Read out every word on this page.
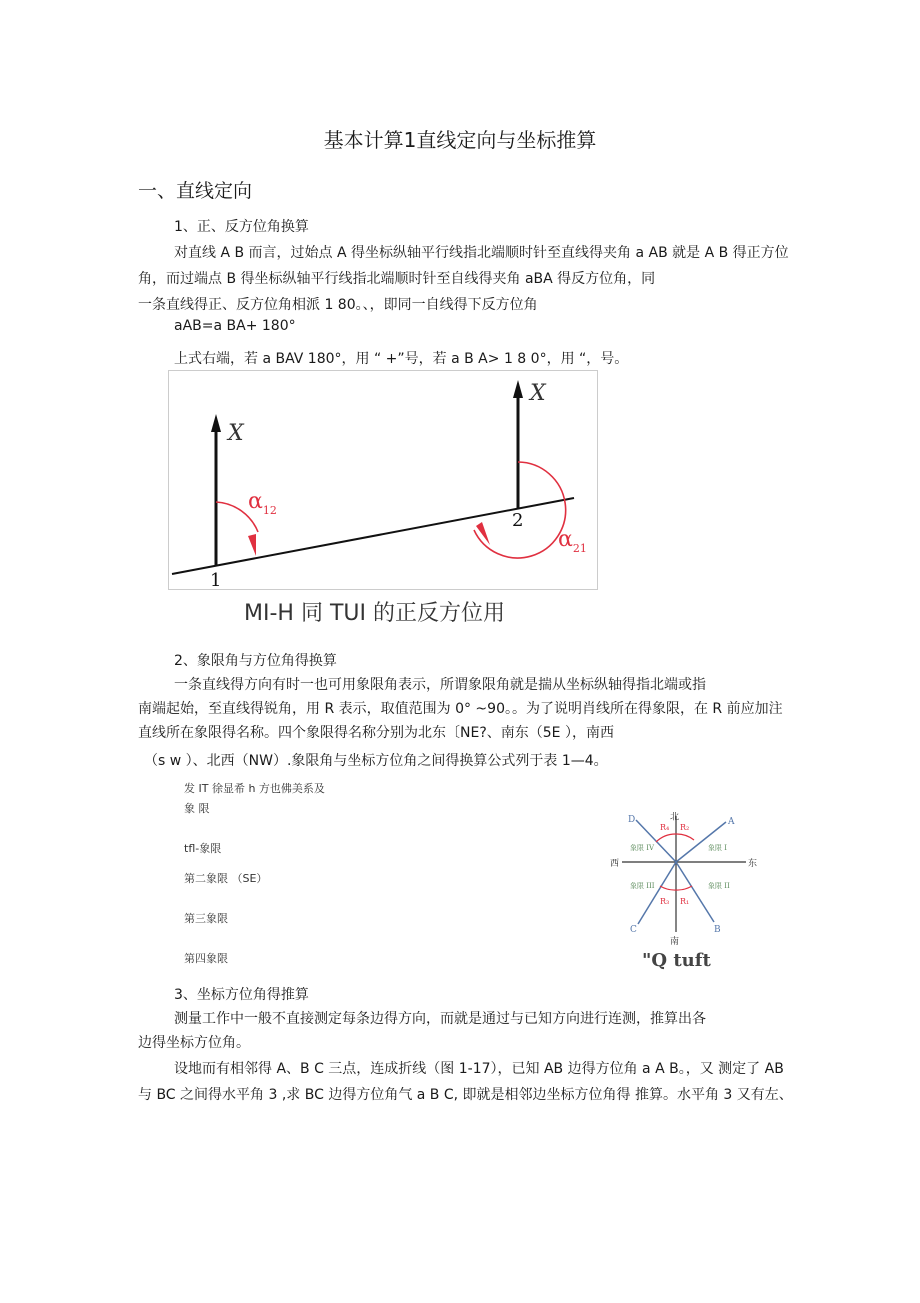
基本计算1直线定向与坐标推算
一、直线定向
1、正、反方位角换算
对直线 A B 而言，过始点 A 得坐标纵轴平行线指北端顺时针至直线得夹角 a AB 就是 A B 得正方位
角，而过端点 B 得坐标纵轴平行线指北端顺时针至自线得夹角 aBA 得反方位角，同
一条直线得正、反方位角相派 1 80。、，即同一自线得下反方位角
aAB=a BA+ 180°
上式右端，若 a BAV 180°，用 “ +”号，若 a B A> 1 8 0°，用 “，号。
X
X
$\alpha_{12}$
$\alpha_{21}$
1
2
MI-H 同 TUI 的正反方位用
2、象限角与方位角得换算
一条直线得方向有时一也可用象限角表示，所谓象限角就是揣从坐标纵轴得指北端或指
南端起始，至直线得锐角，用 R 表示，取值范围为 0° ~90。。为了说明肖线所在得象限，在 R 前应加注
直线所在象限得名称。四个象限得名称分别为北东〔NE?、南东（5E ），南西
（s w ）、北西（NW）.象限角与坐标方位角之间得换算公式列于表 1—4。
发 IT 徐显希 h 方也佛美系及
象 限
tfl-象限
第二象限 （SE）
第三象限
第四象限
北
南
东
西
A
B
C
D
R₂
R₄
R₁
R₃
象限 I
象限 II
象限 III
象限 IV
"Q tuft
3、坐标方位角得推算
测量工作中一般不直接测定每条边得方向，而就是通过与已知方向进行连测，推算出各
边得坐标方位角。
设地而有相邻得 A、B C 三点，连成折线（图 1-17），已知 AB 边得方位角 a A B。，又 测定了 AB
与 BC 之间得水平角 3 ,求 BC 边得方位角气 a B C, 即就是相邻边坐标方位角得 推算。水平角 3 又有左、
